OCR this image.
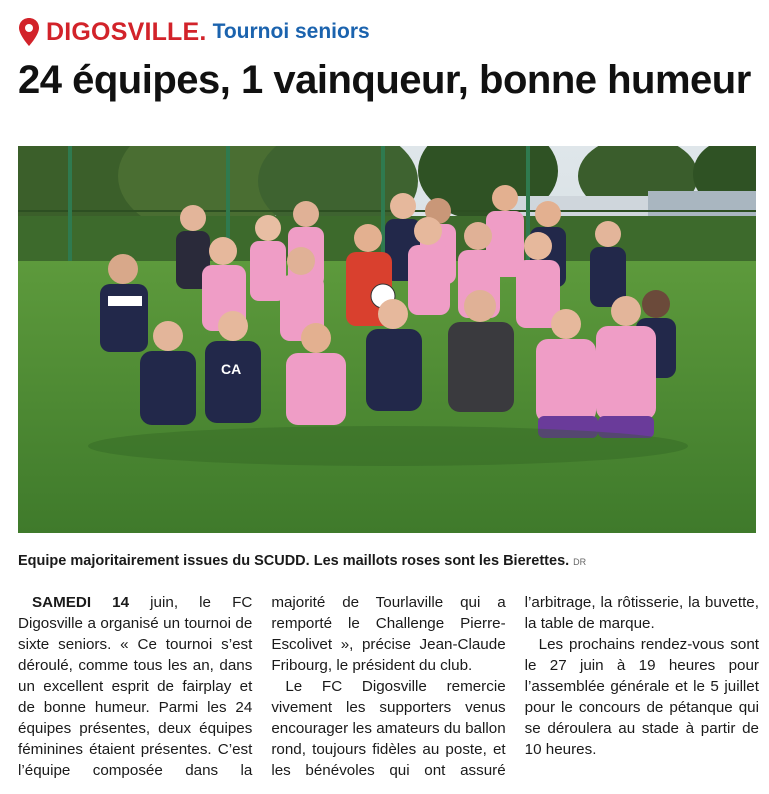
DIGOSVILLE. Tournoi seniors
24 équipes, 1 vainqueur, bonne humeur
CA
Equipe majoritairement issues du SCUDD. Les maillots roses sont les Bierettes. DR

SAMEDI 14 juin, le FC Digosville a organisé un tournoi de sixte seniors. « Ce tournoi s’est déroulé, comme tous les an, dans un excellent esprit de fairplay et de bonne humeur. Parmi les 24 équipes présentes, deux équipes féminines étaient présentes. C’est l’équipe composée dans la majorité de Tourlaville qui a remporté le Challenge Pierre-Escolivet », précise Jean-Claude Fribourg, le président du club.

Le FC Digosville remercie vivement les supporters venus encourager les amateurs du ballon rond, toujours fidèles au poste, et les bénévoles qui ont assuré l’arbitrage, la rôtisserie, la buvette, la table de marque.

Les prochains rendez-vous sont le 27 juin à 19 heures pour l’assemblée générale et le 5 juillet pour le concours de pétanque qui se déroulera au stade à partir de 10 heures.
